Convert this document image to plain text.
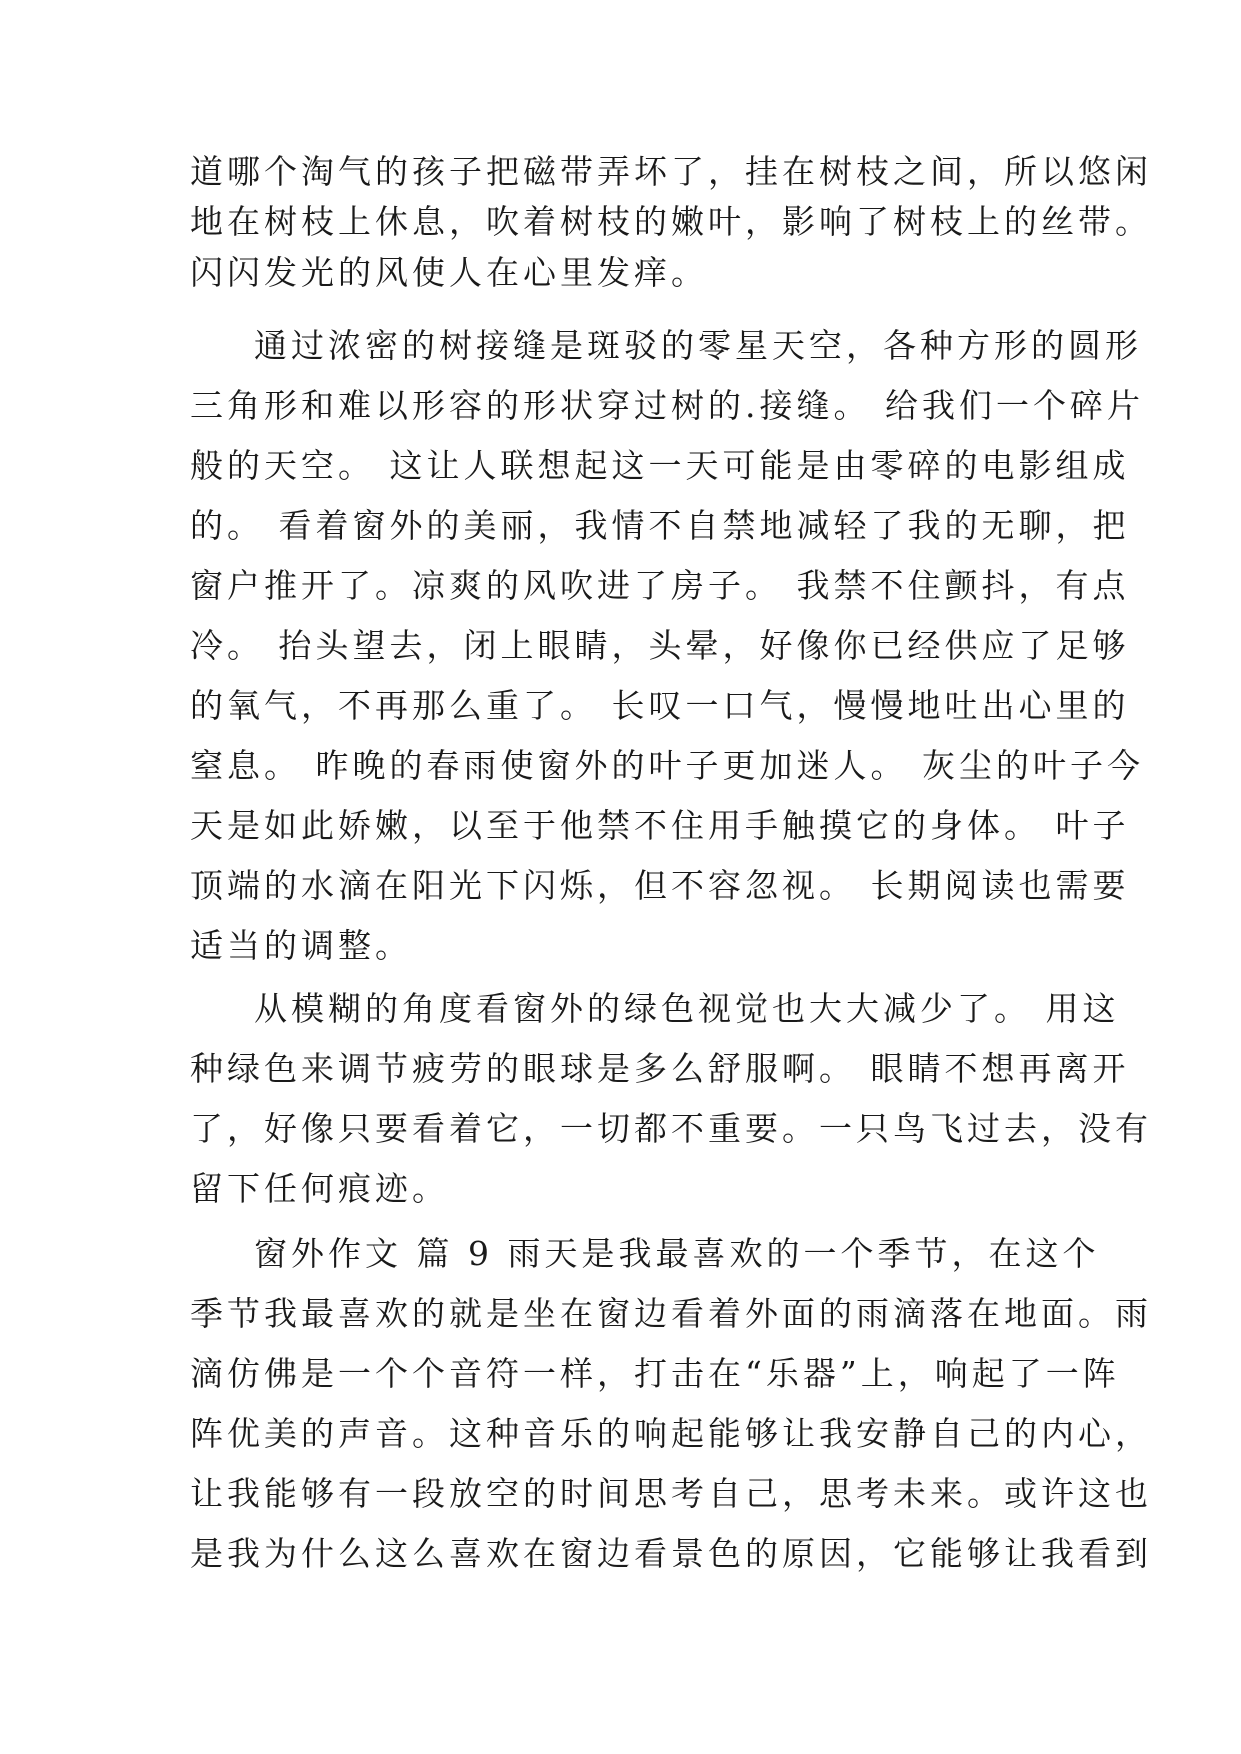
道哪个淘气的孩子把磁带弄坏了，挂在树枝之间，所以悠闲
地在树枝上休息，吹着树枝的嫩叶，影响了树枝上的丝带。
闪闪发光的风使人在心里发痒。
通过浓密的树接缝是斑驳的零星天空，各种方形的圆形
三角形和难以形容的形状穿过树的.接缝。 给我们一个碎片
般的天空。 这让人联想起这一天可能是由零碎的电影组成
的。 看着窗外的美丽，我情不自禁地减轻了我的无聊，把
窗户推开了。凉爽的风吹进了房子。 我禁不住颤抖，有点
冷。 抬头望去，闭上眼睛，头晕，好像你已经供应了足够
的氧气，不再那么重了。 长叹一口气，慢慢地吐出心里的
窒息。 昨晚的春雨使窗外的叶子更加迷人。 灰尘的叶子今
天是如此娇嫩，以至于他禁不住用手触摸它的身体。 叶子
顶端的水滴在阳光下闪烁，但不容忽视。 长期阅读也需要
适当的调整。
从模糊的角度看窗外的绿色视觉也大大减少了。 用这
种绿色来调节疲劳的眼球是多么舒服啊。 眼睛不想再离开
了，好像只要看着它，一切都不重要。一只鸟飞过去，没有
留下任何痕迹。
窗外作文 篇 9 雨天是我最喜欢的一个季节，在这个
季节我最喜欢的就是坐在窗边看着外面的雨滴落在地面。雨
滴仿佛是一个个音符一样，打击在“乐器”上，响起了一阵
阵优美的声音。这种音乐的响起能够让我安静自己的内心，
让我能够有一段放空的时间思考自己，思考未来。或许这也
是我为什么这么喜欢在窗边看景色的原因，它能够让我看到
